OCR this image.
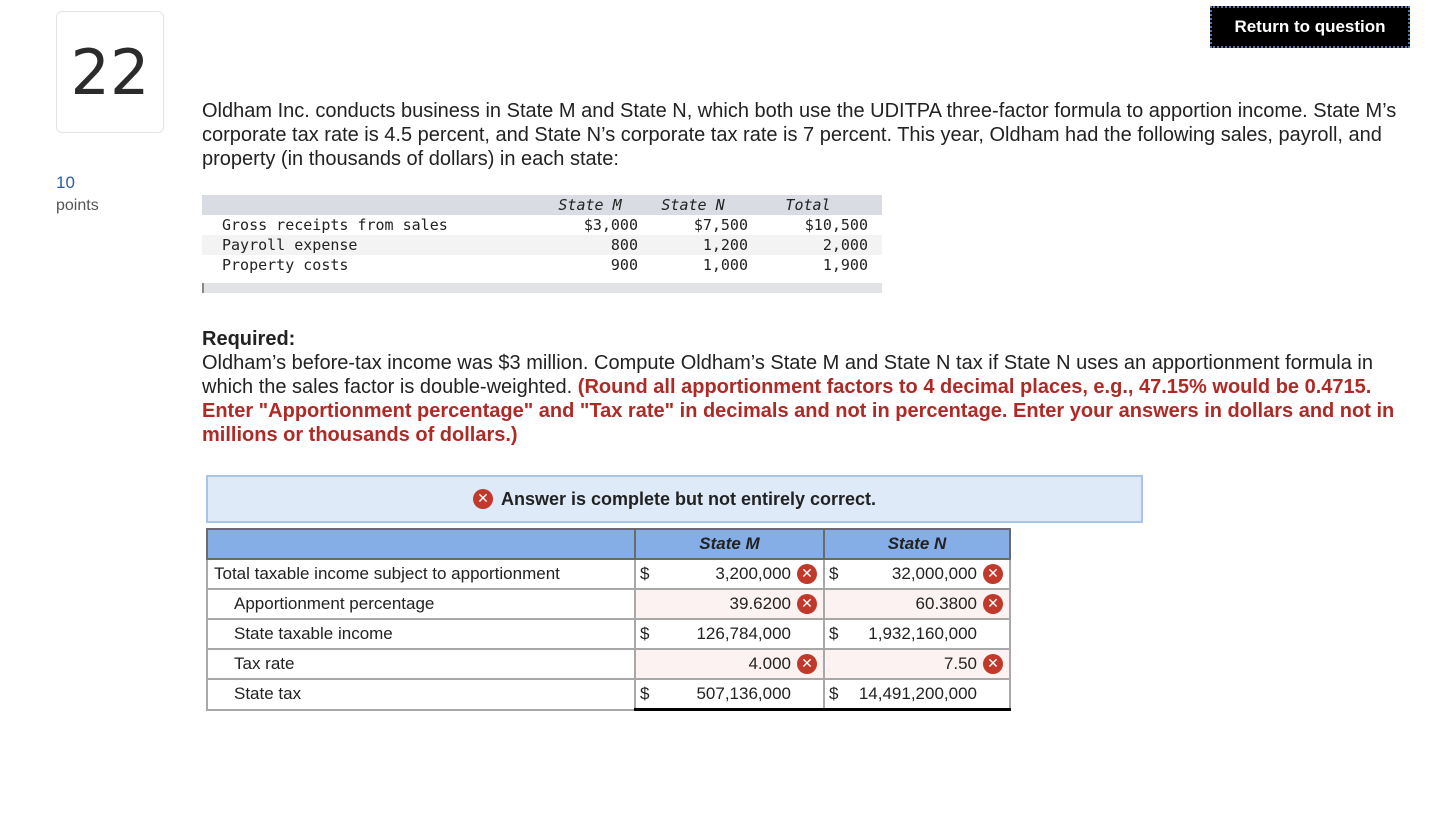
22
10
points
Return to question
Oldham Inc. conducts business in State M and State N, which both use the UDITPA three-factor formula to apportion income. State M’s corporate tax rate is 4.5 percent, and State N’s corporate tax rate is 7 percent. This year, Oldham had the following sales, payroll, and property (in thousands of dollars) in each state:
	State M	State N	Total	
Gross receipts from sales	$3,000	$7,500	$10,500	
Payroll expense	800	1,200	2,000	
Property costs	900	1,000	1,900	
Required:
Oldham’s before-tax income was $3 million. Compute Oldham’s State M and State N tax if State N uses an apportionment formula in which the sales factor is double-weighted. (Round all apportionment factors to 4 decimal places, e.g., 47.15% would be 0.4715. Enter "Apportionment percentage" and "Tax rate" in decimals and not in percentage. Enter your answers in dollars and not in millions or thousands of dollars.)
✕ Answer is complete but not entirely correct.
	State M	State N
Total taxable income subject to apportionment	$ 3,200,000 ✕	$ 32,000,000 ✕

Apportionment percentage	39.6200 ✕	60.3800 ✕

State taxable income	$ 126,784,000	$ 1,932,160,000

Tax rate	4.000 ✕	7.50 ✕

State tax	$ 507,136,000	$ 14,491,200,000
